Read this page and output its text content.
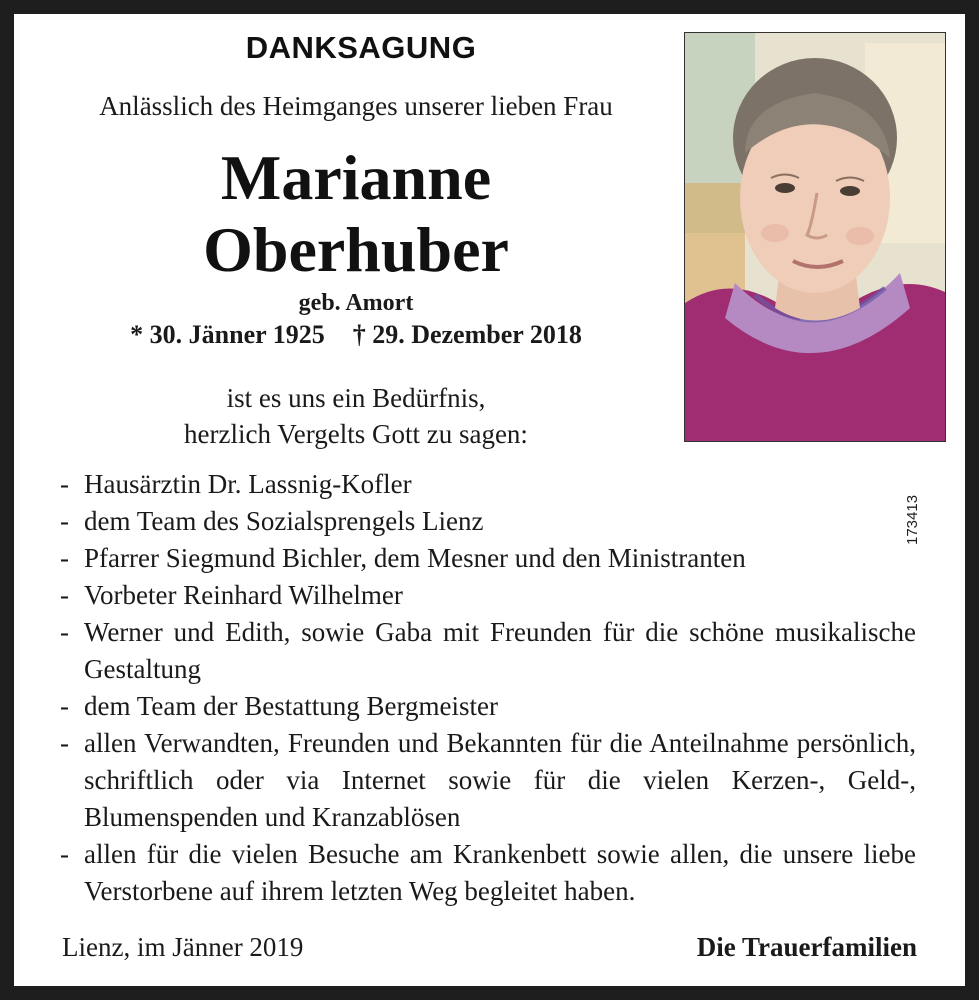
DANKSAGUNG
Anlässlich des Heimganges unserer lieben Frau
Marianne
Oberhuber
geb. Amort
* 30. Jänner 1925 † 29. Dezember 2018
ist es uns ein Bedürfnis,
herzlich Vergelts Gott zu sagen:
173413
- Hausärztin Dr. Lassnig-Kofler
- dem Team des Sozialsprengels Lienz
- Pfarrer Siegmund Bichler, dem Mesner und den Ministranten
- Vorbeter Reinhard Wilhelmer
- Werner und Edith, sowie Gaba mit Freunden für die schöne musikalische Gestaltung
- dem Team der Bestattung Bergmeister
- allen Verwandten, Freunden und Bekannten für die Anteilnahme persönlich, schriftlich oder via Internet sowie für die vielen Kerzen-, Geld-, Blumenspenden und Kranzablösen
- allen für die vielen Besuche am Krankenbett sowie allen, die unsere liebe Verstorbene auf ihrem letzten Weg begleitet haben.
Lienz, im Jänner 2019	Die Trauerfamilien
